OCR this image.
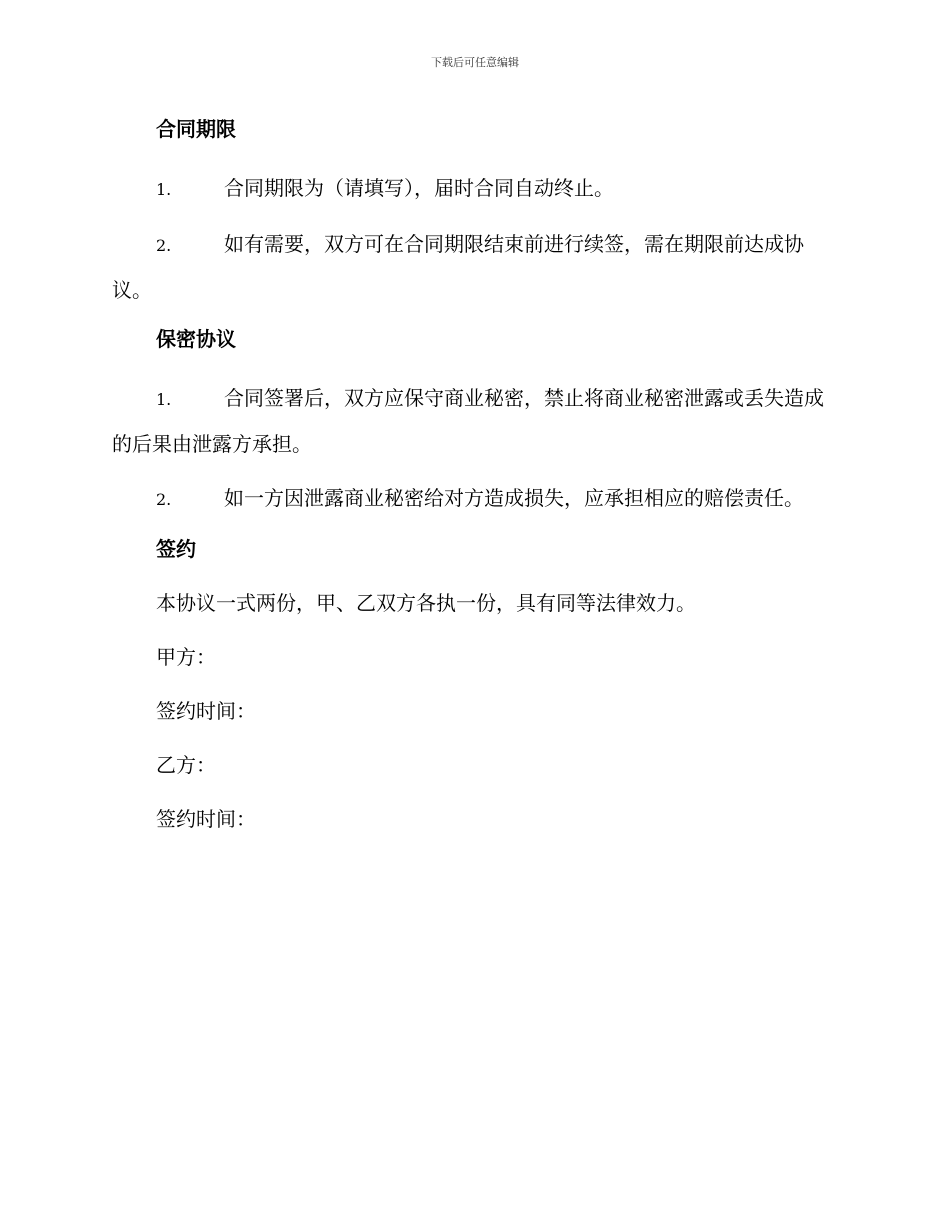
下载后可任意编辑
合同期限
1.	合同期限为（请填写），届时合同自动终止。
2.	如有需要，双方可在合同期限结束前进行续签，需在期限前达成协议。
保密协议
1.	合同签署后，双方应保守商业秘密，禁止将商业秘密泄露或丢失造成的后果由泄露方承担。
2.	如一方因泄露商业秘密给对方造成损失，应承担相应的赔偿责任。
签约
本协议一式两份，甲、乙双方各执一份，具有同等法律效力。
甲方：
签约时间：
乙方：
签约时间：
